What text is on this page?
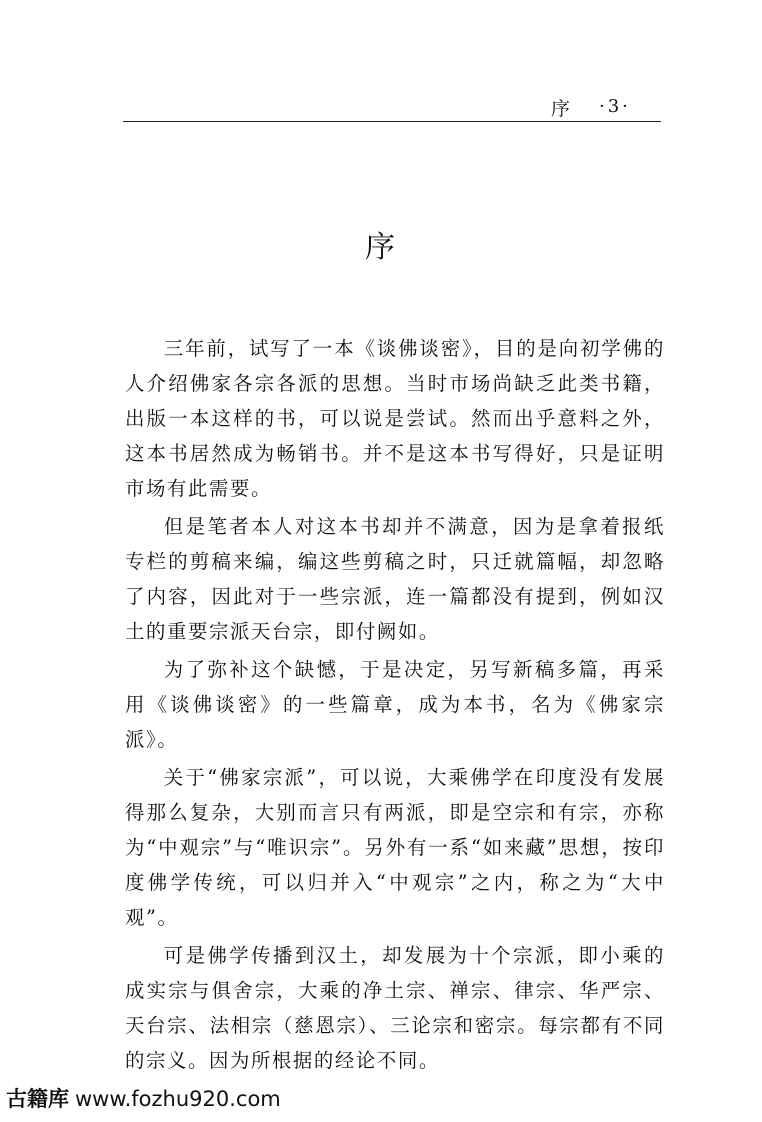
序 ·3·
序

三年前，试写了一本《谈佛谈密》，目的是向初学佛的人介绍佛家各宗各派的思想。当时市场尚缺乏此类书籍，出版一本这样的书，可以说是尝试。然而出乎意料之外，这本书居然成为畅销书。并不是这本书写得好，只是证明市场有此需要。

但是笔者本人对这本书却并不满意，因为是拿着报纸专栏的剪稿来编，编这些剪稿之时，只迁就篇幅，却忽略了内容，因此对于一些宗派，连一篇都没有提到，例如汉土的重要宗派天台宗，即付阙如。

为了弥补这个缺憾，于是决定，另写新稿多篇，再采用《谈佛谈密》的一些篇章，成为本书，名为《佛家宗派》。

关于“佛家宗派”，可以说，大乘佛学在印度没有发展得那么复杂，大别而言只有两派，即是空宗和有宗，亦称为“中观宗”与“唯识宗”。另外有一系“如来藏”思想，按印度佛学传统，可以归并入“中观宗”之内，称之为“大中观”。

可是佛学传播到汉土，却发展为十个宗派，即小乘的成实宗与俱舍宗，大乘的净土宗、禅宗、律宗、华严宗、天台宗、法相宗（慈恩宗）、三论宗和密宗。每宗都有不同的宗义。因为所根据的经论不同。

古籍库 www.fozhu920.com
